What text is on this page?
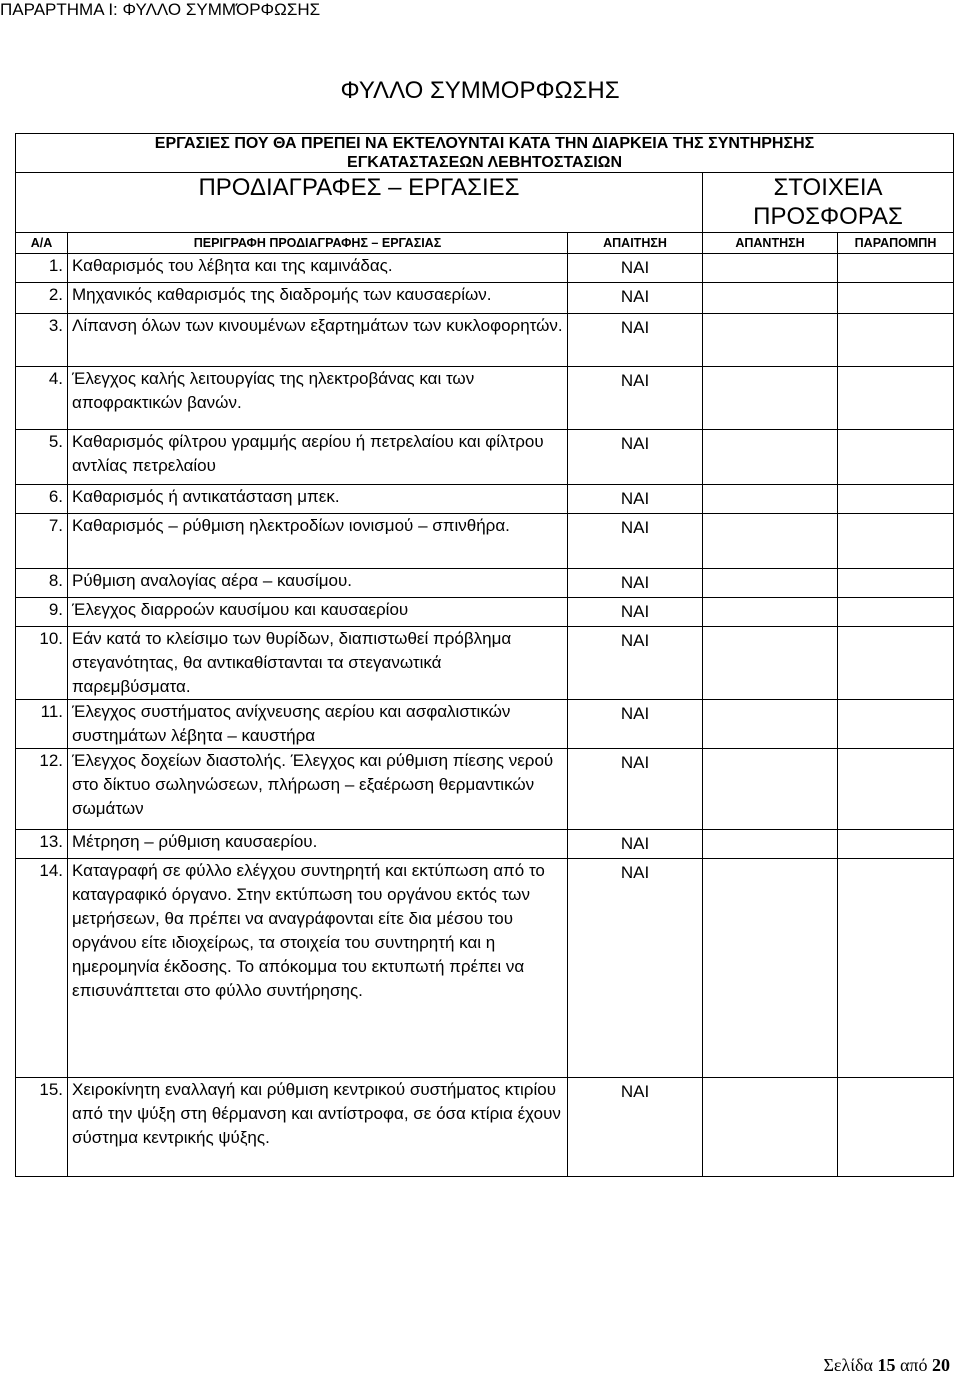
ΠΑΡΑΡΤΗΜΑ Ι: ΦΥΛΛΟ ΣΥΜΜΌΡΦΩΣΗΣ
ΦΥΛΛΟ ΣΥΜΜΟΡΦΩΣΗΣ
ΕΡΓΑΣΙΕΣ ΠΟΥ ΘΑ ΠΡΕΠΕΙ ΝΑ ΕΚΤΕΛΟΥΝΤΑΙ ΚΑΤΑ ΤΗΝ ΔΙΑΡΚΕΙΑ ΤΗΣ ΣΥΝΤΗΡΗΣΗΣ
ΕΓΚΑΤΑΣΤΑΣΕΩΝ ΛΕΒΗΤΟΣΤΑΣΙΩΝ				

ΠΡΟΔΙΑΓΡΑΦΕΣ – ΕΡΓΑΣΙΕΣ			ΣΤΟΙΧΕΙΑ ΠΡΟΣΦΟΡΑΣ	
Α/Α	ΠΕΡΙΓΡΑΦΗ ΠΡΟΔΙΑΓΡΑΦΗΣ – ΕΡΓΑΣΙΑΣ	ΑΠΑΙΤΗΣΗ	ΑΠΑΝΤΗΣΗ	ΠΑΡΑΠΟΜΠΗ
1.	Καθαρισμός του λέβητα και της καμινάδας.	ΝΑΙ		
2.	Μηχανικός καθαρισμός της διαδρομής των καυσαερίων.	ΝΑΙ		
3.	Λίπανση όλων των κινουμένων εξαρτημάτων των κυκλοφορητών.	ΝΑΙ		
4.	Έλεγχος καλής λειτουργίας της ηλεκτροβάνας και των αποφρακτικών βανών.	ΝΑΙ		
5.	Καθαρισμός φίλτρου γραμμής αερίου ή πετρελαίου και φίλτρου αντλίας πετρελαίου	ΝΑΙ		
6.	Καθαρισμός ή αντικατάσταση μπεκ.	ΝΑΙ		
7.	Καθαρισμός – ρύθμιση ηλεκτροδίων ιονισμού – σπινθήρα.	ΝΑΙ		
8.	Ρύθμιση αναλογίας αέρα – καυσίμου.	ΝΑΙ		
9.	Έλεγχος διαρροών καυσίμου και καυσαερίου	ΝΑΙ		
10.	Εάν κατά το κλείσιμο των θυρίδων, διαπιστωθεί πρόβλημα στεγανότητας, θα αντικαθίστανται τα στεγανωτικά παρεμβύσματα.	ΝΑΙ		
11.	Έλεγχος συστήματος ανίχνευσης αερίου και ασφαλιστικών συστημάτων λέβητα – καυστήρα	ΝΑΙ		
12.	Έλεγχος δοχείων διαστολής. Έλεγχος και ρύθμιση πίεσης νερού στο δίκτυο σωληνώσεων, πλήρωση – εξαέρωση θερμαντικών σωμάτων	ΝΑΙ		
13.	Μέτρηση – ρύθμιση καυσαερίου.	ΝΑΙ		
14.	Καταγραφή σε φύλλο ελέγχου συντηρητή και εκτύπωση από το καταγραφικό όργανο. Στην εκτύπωση του οργάνου εκτός των μετρήσεων, θα πρέπει να αναγράφονται είτε δια μέσου του οργάνου είτε ιδιοχείρως, τα στοιχεία του συντηρητή και η ημερομηνία έκδοσης. Το απόκομμα του εκτυπωτή πρέπει να επισυνάπτεται στο φύλλο συντήρησης.	ΝΑΙ		
15.	Χειροκίνητη εναλλαγή και ρύθμιση κεντρικού συστήματος κτιρίου από την ψύξη στη θέρμανση και αντίστροφα, σε όσα κτίρια έχουν σύστημα κεντρικής ψύξης.	ΝΑΙ		
Σελίδα 15 από 20
